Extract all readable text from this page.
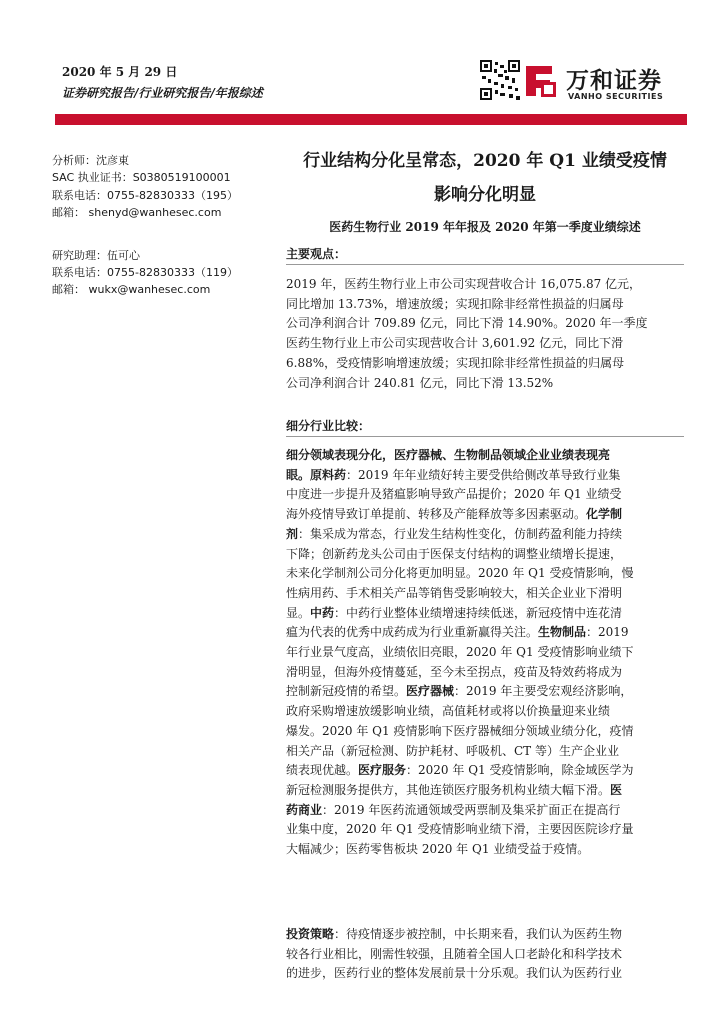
2020 年 5 月 29 日
证券研究报告/行业研究报告/年报综述	万和证券
VANHO SECURITIES
分析师：沈彦東
SAC 执业证书：S0380519100001
联系电话：0755-82830333（195）
邮箱： shenyd@wanhesec.com
研究助理：伍可心
联系电话：0755-82830333（119）
邮箱： wukx@wanhesec.com
行业结构分化呈常态，2020 年 Q1 业绩受疫情
影响分化明显
医药生物行业 2019 年年报及 2020 年第一季度业绩综述
主要观点：
2019 年，医药生物行业上市公司实现营收合计 16,075.87 亿元，
同比增加 13.73%，增速放缓；实现扣除非经常性损益的归属母
公司净利润合计 709.89 亿元，同比下滑 14.90%。2020 年一季度
医药生物行业上市公司实现营收合计 3,601.92 亿元，同比下滑
6.88%，受疫情影响增速放缓；实现扣除非经常性损益的归属母
公司净利润合计 240.81 亿元，同比下滑 13.52%
细分行业比较：
细分领域表现分化，医疗器械、生物制品领域企业业绩表现亮
眼。原料药：2019 年年业绩好转主要受供给侧改革导致行业集
中度进一步提升及猪瘟影响导致产品提价；2020 年 Q1 业绩受
海外疫情导致订单提前、转移及产能释放等多因素驱动。化学制
剂：集采成为常态，行业发生结构性变化，仿制药盈利能力持续
下降；创新药龙头公司由于医保支付结构的调整业绩增长提速，
未来化学制剂公司分化将更加明显。2020 年 Q1 受疫情影响，慢
性病用药、手术相关产品等销售受影响较大，相关企业业下滑明
显。中药：中药行业整体业绩增速持续低迷，新冠疫情中连花清
瘟为代表的优秀中成药成为行业重新赢得关注。生物制品：2019
年行业景气度高，业绩依旧亮眼，2020 年 Q1 受疫情影响业绩下
滑明显，但海外疫情蔓延，至今未至拐点，疫苗及特效药将成为
控制新冠疫情的希望。医疗器械：2019 年主要受宏观经济影响，
政府采购增速放缓影响业绩，高值耗材或将以价换量迎来业绩
爆发。2020 年 Q1 疫情影响下医疗器械细分领域业绩分化，疫情
相关产品（新冠检测、防护耗材、呼吸机、CT 等）生产企业业
绩表现优越。医疗服务：2020 年 Q1 受疫情影响，除金域医学为
新冠检测服务提供方，其他连锁医疗服务机构业绩大幅下滑。医
药商业：2019 年医药流通领域受两票制及集采扩面正在提高行
业集中度，2020 年 Q1 受疫情影响业绩下滑，主要因医院诊疗量
大幅减少；医药零售板块 2020 年 Q1 业绩受益于疫情。
投资策略：待疫情逐步被控制，中长期来看，我们认为医药生物
较各行业相比，刚需性较强，且随着全国人口老龄化和科学技术
的进步，医药行业的整体发展前景十分乐观。我们认为医药行业
